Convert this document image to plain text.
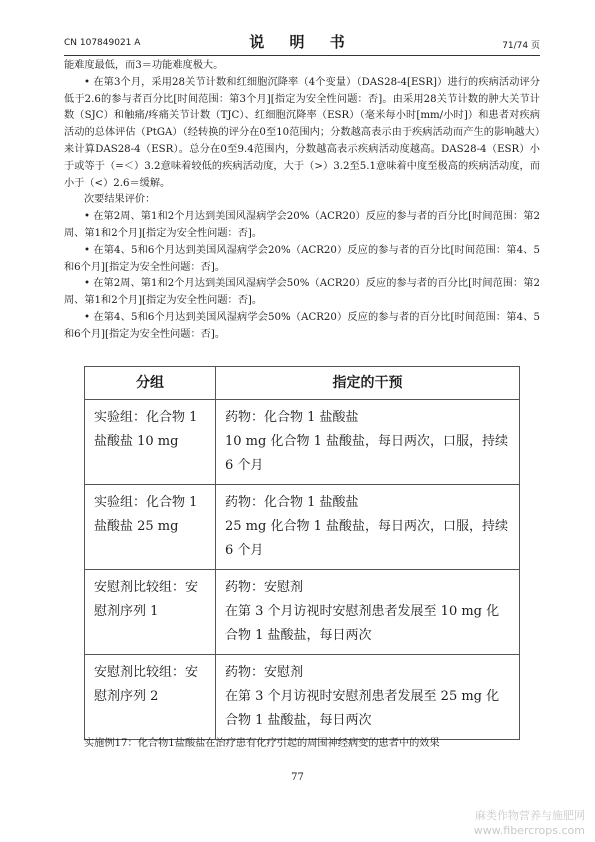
CN 107849021 A	说 明 书	71/74 页

能难度最低，而3＝功能难度极大。

• 在第3个月，采用28关节计数和红细胞沉降率（4个变量）（DAS28-4[ESR]）进行的疾病活动评分低于2.6的参与者百分比[时间范围：第3个月][指定为安全性问题：否]。由采用28关节计数的肿大关节计数（SJC）和触痛/疼痛关节计数（TJC）、红细胞沉降率（ESR）（毫米每小时[mm/小时]）和患者对疾病活动的总体评估（PtGA）（经转换的评分在0至10范围内；分数越高表示由于疾病活动而产生的影响越大）来计算DAS28-4（ESR）。总分在0至9.4范围内，分数越高表示疾病活动度越高。DAS28-4（ESR）小于或等于（=＜）3.2意味着较低的疾病活动度，大于（>）3.2至5.1意味着中度至极高的疾病活动度，而小于（<）2.6＝缓解。

次要结果评价：

• 在第2周、第1和2个月达到美国风湿病学会20%（ACR20）反应的参与者的百分比[时间范围：第2周、第1和2个月][指定为安全性问题：否]。

• 在第4、5和6个月达到美国风湿病学会20%（ACR20）反应的参与者的百分比[时间范围：第4、5和6个月][指定为安全性问题：否]。

• 在第2周、第1和2个月达到美国风湿病学会50%（ACR20）反应的参与者的百分比[时间范围：第2周、第1和2个月][指定为安全性问题：否]。

• 在第4、5和6个月达到美国风湿病学会50%（ACR20）反应的参与者的百分比[时间范围：第4、5和6个月][指定为安全性问题：否]。

分组	指定的干预
实验组：化合物 1 盐酸盐 10 mg	药物：化合物 1 盐酸盐
10 mg 化合物 1 盐酸盐，每日两次，口服，持续 6 个月

实验组：化合物 1 盐酸盐 25 mg	药物：化合物 1 盐酸盐
25 mg 化合物 1 盐酸盐，每日两次，口服，持续 6 个月

安慰剂比较组：安慰剂序列 1	药物：安慰剂
在第 3 个月访视时安慰剂患者发展至 10 mg 化合物 1 盐酸盐，每日两次

安慰剂比较组：安慰剂序列 2	药物：安慰剂
在第 3 个月访视时安慰剂患者发展至 25 mg 化合物 1 盐酸盐，每日两次
实施例17：化合物1盐酸盐在治疗患有化疗引起的周围神经病变的患者中的效果
77
麻类作物营养与施肥网
www.fibercrops.com
